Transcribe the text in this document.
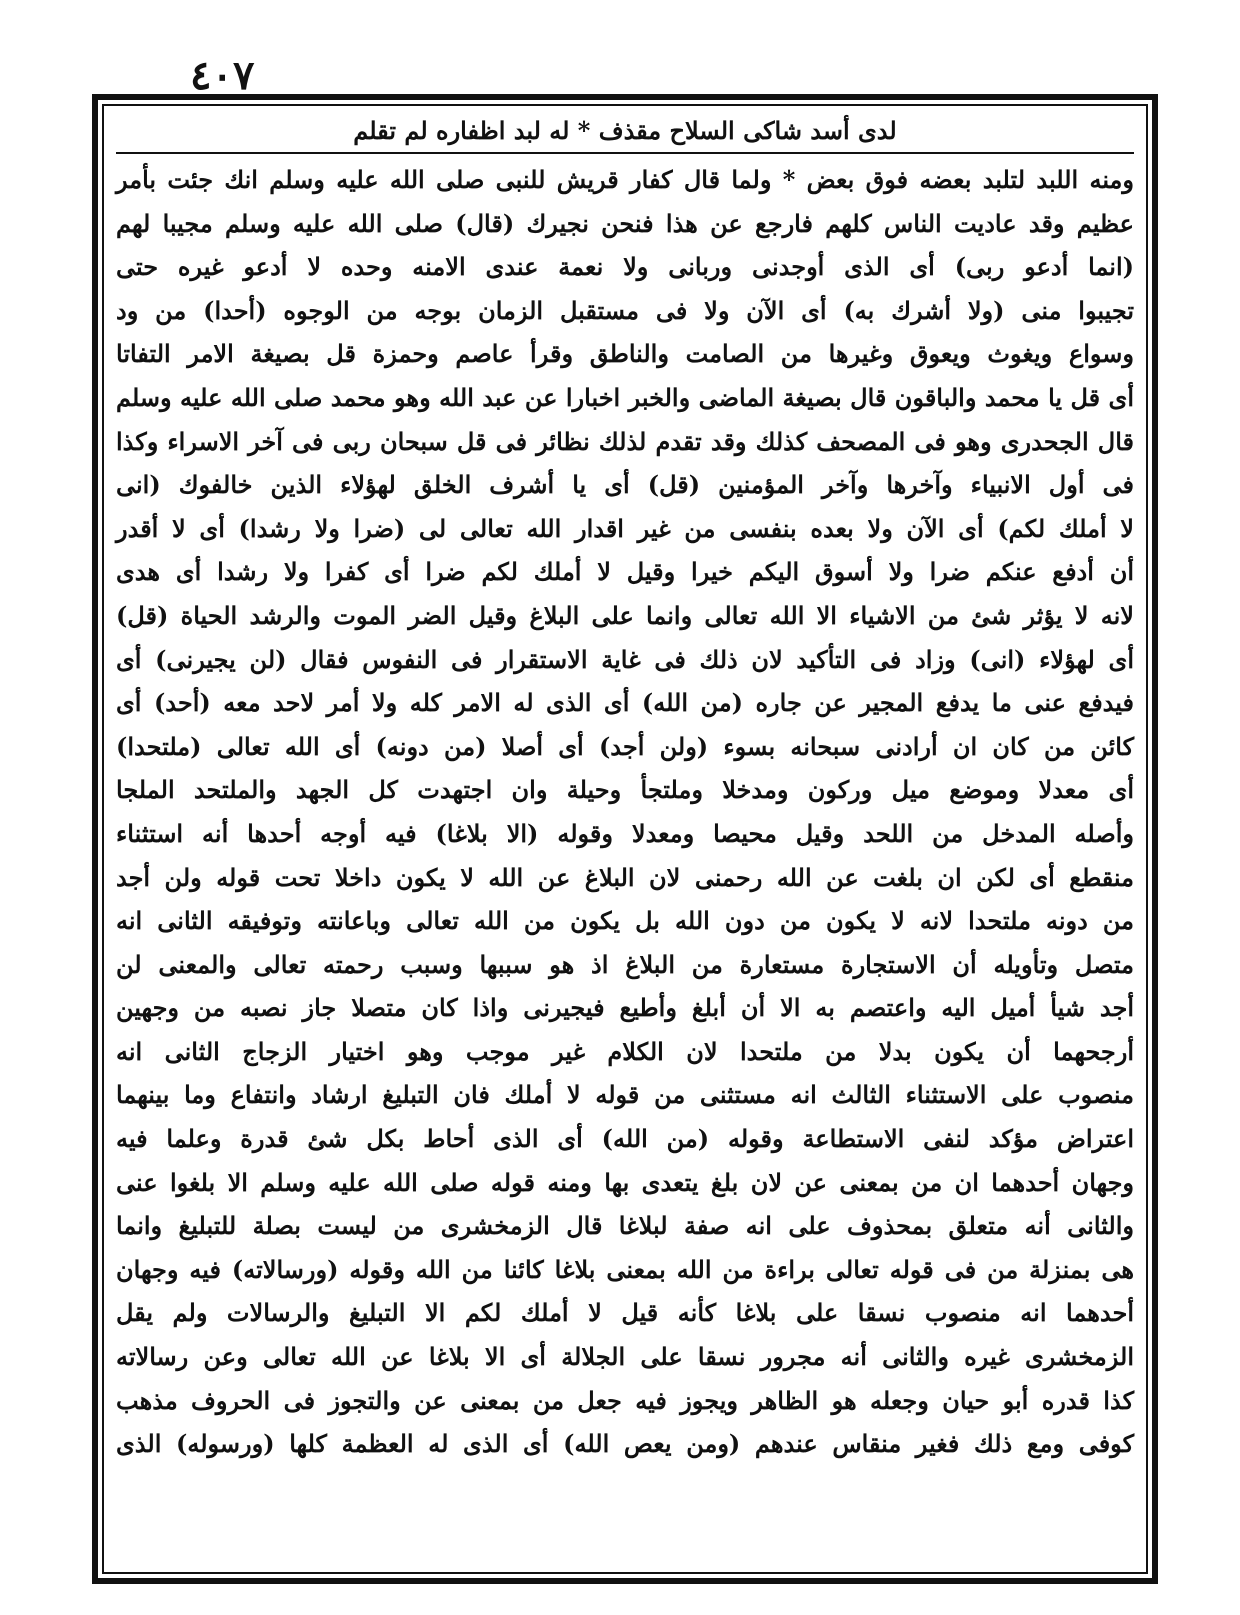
٤٠٧
لدى أسد شاكى السلاح مقذف * له لبد اظفاره لم تقلم
ومنه اللبد لتلبد بعضه فوق بعض * ولما قال كفار قريش للنبى صلى الله عليه وسلم انك جئت بأمر
عظيم وقد عاديت الناس كلهم فارجع عن هذا فنحن نجيرك (قال) صلى الله عليه وسلم مجيبا لهم
(انما أدعو ربى) أى الذى أوجدنى وربانى ولا نعمة عندى الامنه وحده لا أدعو غيره حتى
تجيبوا منى (ولا أشرك به) أى الآن ولا فى مستقبل الزمان بوجه من الوجوه (أحدا) من ود
وسواع ويغوث ويعوق وغيرها من الصامت والناطق وقرأ عاصم وحمزة قل بصيغة الامر التفاتا
أى قل يا محمد والباقون قال بصيغة الماضى والخبر اخبارا عن عبد الله وهو محمد صلى الله عليه وسلم
قال الجحدرى وهو فى المصحف كذلك وقد تقدم لذلك نظائر فى قل سبحان ربى فى آخر الاسراء وكذا
فى أول الانبياء وآخرها وآخر المؤمنين (قل) أى يا أشرف الخلق لهؤلاء الذين خالفوك (انى
لا أملك لكم) أى الآن ولا بعده بنفسى من غير اقدار الله تعالى لى (ضرا ولا رشدا) أى لا أقدر
أن أدفع عنكم ضرا ولا أسوق اليكم خيرا وقيل لا أملك لكم ضرا أى كفرا ولا رشدا أى هدى
لانه لا يؤثر شئ من الاشياء الا الله تعالى وانما على البلاغ وقيل الضر الموت والرشد الحياة (قل)
أى لهؤلاء (انى) وزاد فى التأكيد لان ذلك فى غاية الاستقرار فى النفوس فقال (لن يجيرنى) أى
فيدفع عنى ما يدفع المجير عن جاره (من الله) أى الذى له الامر كله ولا أمر لاحد معه (أحد) أى
كائن من كان ان أرادنى سبحانه بسوء (ولن أجد) أى أصلا (من دونه) أى الله تعالى (ملتحدا)
أى معدلا وموضع ميل وركون ومدخلا وملتجأ وحيلة وان اجتهدت كل الجهد والملتحد الملجا
وأصله المدخل من اللحد وقيل محيصا ومعدلا وقوله (الا بلاغا) فيه أوجه أحدها أنه استثناء
منقطع أى لكن ان بلغت عن الله رحمنى لان البلاغ عن الله لا يكون داخلا تحت قوله ولن أجد
من دونه ملتحدا لانه لا يكون من دون الله بل يكون من الله تعالى وباعانته وتوفيقه الثانى انه
متصل وتأويله أن الاستجارة مستعارة من البلاغ اذ هو سببها وسبب رحمته تعالى والمعنى لن
أجد شيأ أميل اليه واعتصم به الا أن أبلغ وأطيع فيجيرنى واذا كان متصلا جاز نصبه من وجهين
أرجحهما أن يكون بدلا من ملتحدا لان الكلام غير موجب وهو اختيار الزجاج الثانى انه
منصوب على الاستثناء الثالث انه مستثنى من قوله لا أملك فان التبليغ ارشاد وانتفاع وما بينهما
اعتراض مؤكد لنفى الاستطاعة وقوله (من الله) أى الذى أحاط بكل شئ قدرة وعلما فيه
وجهان أحدهما ان من بمعنى عن لان بلغ يتعدى بها ومنه قوله صلى الله عليه وسلم الا بلغوا عنى
والثانى أنه متعلق بمحذوف على انه صفة لبلاغا قال الزمخشرى من ليست بصلة للتبليغ وانما
هى بمنزلة من فى قوله تعالى براءة من الله بمعنى بلاغا كائنا من الله وقوله (ورسالاته) فيه وجهان
أحدهما انه منصوب نسقا على بلاغا كأنه قيل لا أملك لكم الا التبليغ والرسالات ولم يقل
الزمخشرى غيره والثانى أنه مجرور نسقا على الجلالة أى الا بلاغا عن الله تعالى وعن رسالاته
كذا قدره أبو حيان وجعله هو الظاهر ويجوز فيه جعل من بمعنى عن والتجوز فى الحروف مذهب
كوفى ومع ذلك فغير منقاس عندهم (ومن يعص الله) أى الذى له العظمة كلها (ورسوله) الذى
